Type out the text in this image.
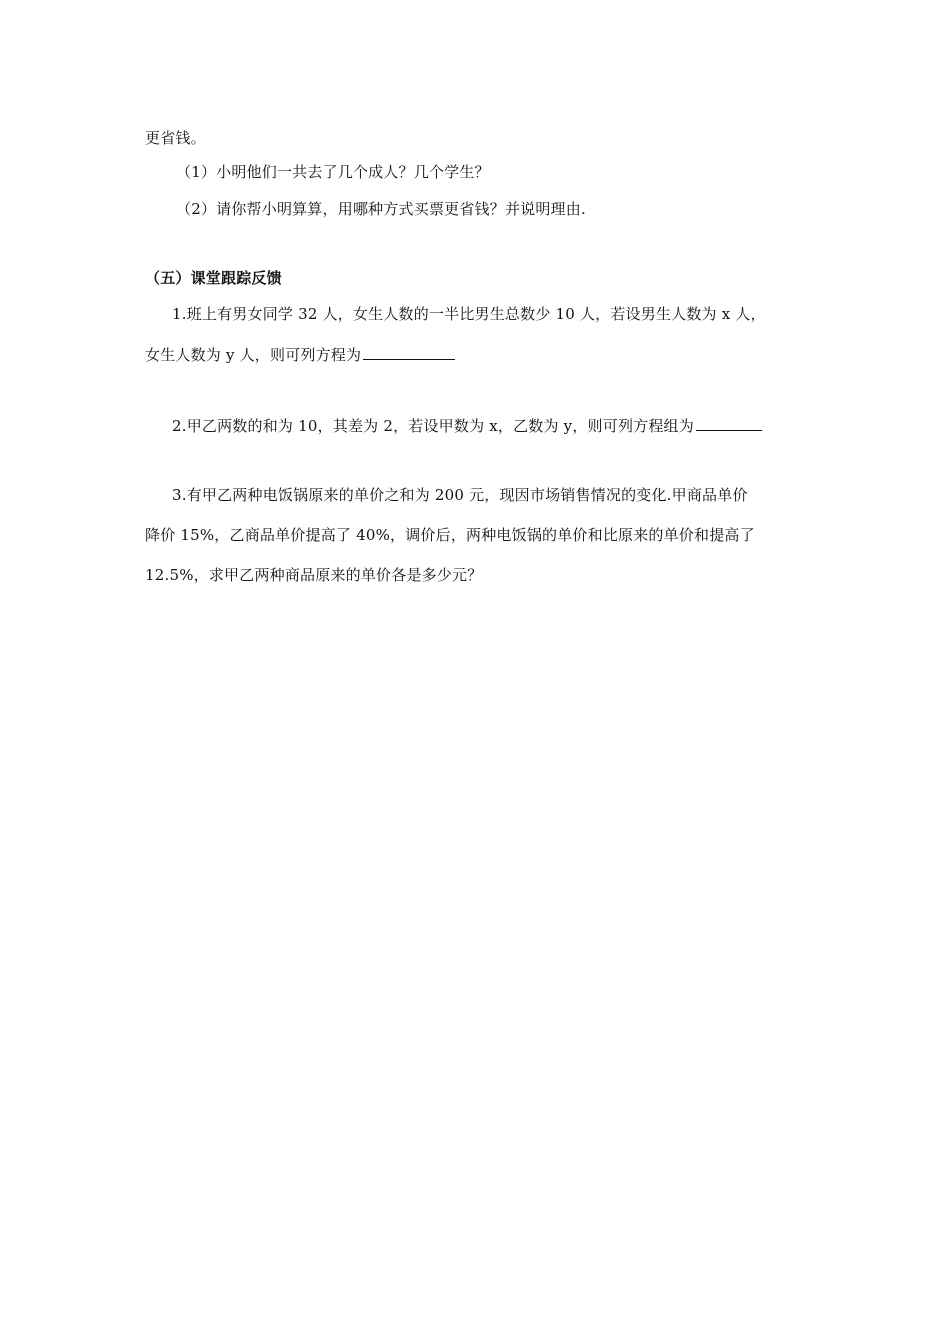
更省钱。
（1）小明他们一共去了几个成人？几个学生？
（2）请你帮小明算算，用哪种方式买票更省钱？并说明理由.
（五）课堂跟踪反馈
1.班上有男女同学 32 人，女生人数的一半比男生总数少 10 人，若设男生人数为 x 人，
女生人数为 y 人，则可列方程为
2.甲乙两数的和为 10，其差为 2，若设甲数为 x，乙数为 y，则可列方程组为
3.有甲乙两种电饭锅原来的单价之和为 200 元，现因市场销售情况的变化.甲商品单价
降价 15%，乙商品单价提高了 40%，调价后，两种电饭锅的单价和比原来的单价和提高了
12.5%，求甲乙两种商品原来的单价各是多少元？
